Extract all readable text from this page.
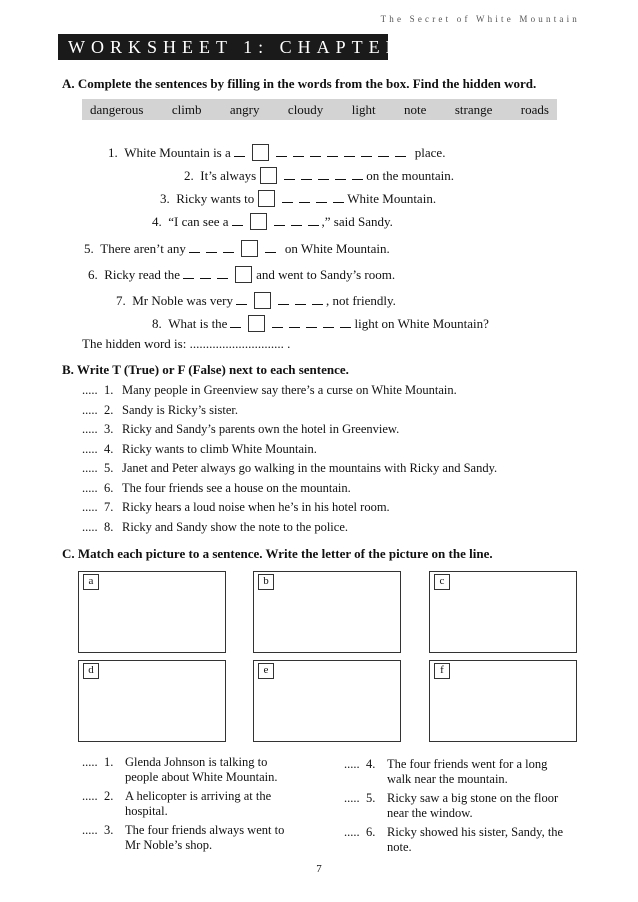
The Secret of White Mountain
WORKSHEET 1: CHAPTERS 1–5
A. Complete the sentences by filling in the words from the box. Find the hidden word.
dangerous climb angry cloudy light note strange roads
1.
White Mountain is a	place.
2.
It’s always	on the mountain.
3.
Ricky wants to	White Mountain.
4.
“I can see a	,” said Sandy.
5.
There aren’t any	on White Mountain.
6.
Ricky read the	and went to Sandy’s room.
7.
Mr Noble was very	, not friendly.
8.
What is the	light on White Mountain?
The hidden word is: ............................. .
B. Write T (True) or F (False) next to each sentence.
..... 1. Many people in Greenview say there’s a curse on White Mountain.
..... 2. Sandy is Ricky’s sister.
..... 3. Ricky and Sandy’s parents own the hotel in Greenview.
..... 4. Ricky wants to climb White Mountain.
..... 5. Janet and Peter always go walking in the mountains with Ricky and Sandy.
..... 6. The four friends see a house on the mountain.
..... 7. Ricky hears a loud noise when he’s in his hotel room.
..... 8. Ricky and Sandy show the note to the police.
C. Match each picture to a sentence. Write the letter of the picture on the line.
a	b	c
d	e	f
..... 1. Glenda Johnson is talking to people about White Mountain.
..... 2. A helicopter is arriving at the hospital.
..... 3. The four friends always went to Mr Noble’s shop.
..... 4. The four friends went for a long walk near the mountain.
..... 5. Ricky saw a big stone on the floor near the window.
..... 6. Ricky showed his sister, Sandy, the note.
7
